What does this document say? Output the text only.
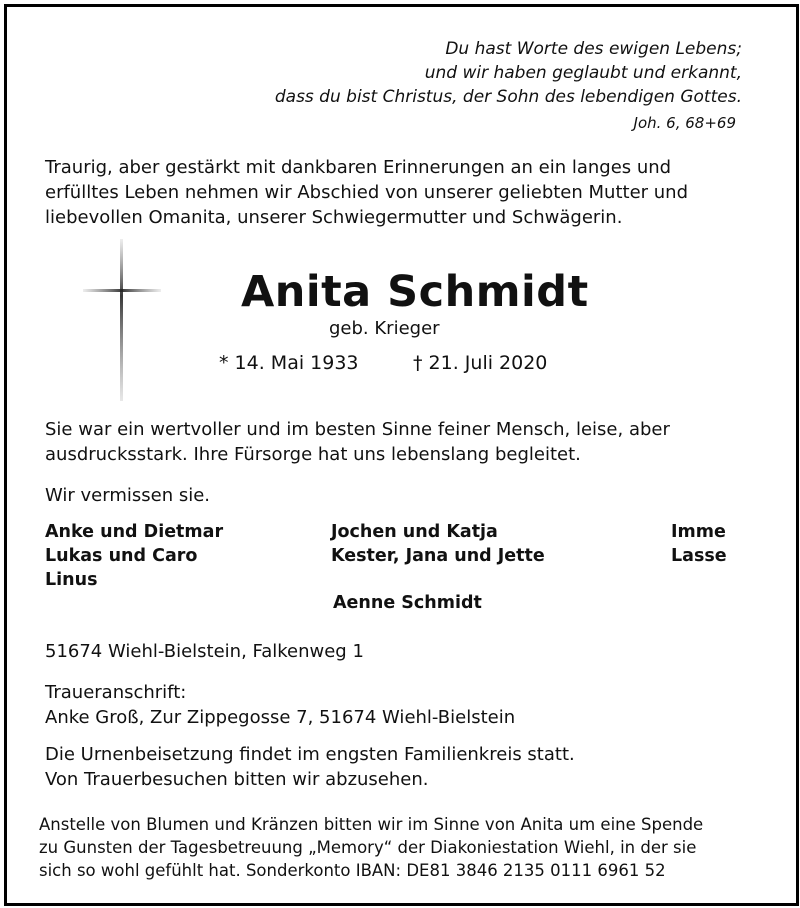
Du hast Worte des ewigen Lebens;
und wir haben geglaubt und erkannt,
dass du bist Christus, der Sohn des lebendigen Gottes.
Joh. 6, 68+69
Traurig, aber gestärkt mit dankbaren Erinnerungen an ein langes und
erfülltes Leben nehmen wir Abschied von unserer geliebten Mutter und
liebevollen Omanita, unserer Schwiegermutter und Schwägerin.
Anita Schmidt
geb. Krieger
* 14. Mai 1933	† 21. Juli 2020
Sie war ein wertvoller und im besten Sinne feiner Mensch, leise, aber
ausdrucksstark. Ihre Fürsorge hat uns lebenslang begleitet.
Wir vermissen sie.
Anke und Dietmar
Lukas und Caro
Linus
Jochen und Katja
Kester, Jana und Jette
Aenne Schmidt
Imme
Lasse
51674 Wiehl-Bielstein, Falkenweg 1
Traueranschrift:
Anke Groß, Zur Zippegosse 7, 51674 Wiehl-Bielstein
Die Urnenbeisetzung findet im engsten Familienkreis statt.
Von Trauerbesuchen bitten wir abzusehen.
Anstelle von Blumen und Kränzen bitten wir im Sinne von Anita um eine Spende
zu Gunsten der Tagesbetreuung „Memory“ der Diakoniestation Wiehl, in der sie
sich so wohl gefühlt hat. Sonderkonto IBAN: DE81 3846 2135 0111 6961 52
